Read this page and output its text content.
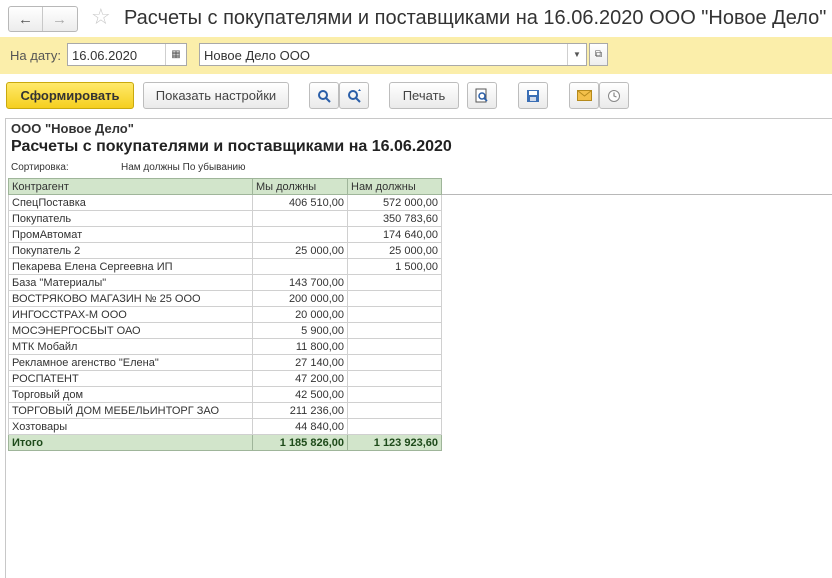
←	→	☆ Расчеты с покупателями и поставщиками на 16.06.2020 ООО "Новое Дело"
На дату: 16.06.2020	▦	Новое Дело ООО	▼	⧉
Сформировать	Показать настройки	Печать
ООО "Новое Дело"
Расчеты с покупателями и поставщиками на 16.06.2020
Сортировка:	Нам должны По убыванию
Контрагент	Мы должны	Нам должны
СпецПоставка	406 510,00	572 000,00
Покупатель		350 783,60
ПромАвтомат		174 640,00
Покупатель 2	25 000,00	25 000,00
Пекарева Елена Сергеевна ИП		1 500,00
База "Материалы"	143 700,00	
ВОСТРЯКОВО МАГАЗИН № 25 ООО	200 000,00	
ИНГОССТРАХ-М ООО	20 000,00	
МОСЭНЕРГОСБЫТ ОАО	5 900,00	
МТК Мобайл	11 800,00	
Рекламное агенство "Елена"	27 140,00	
РОСПАТЕНТ	47 200,00	
Торговый дом	42 500,00	
ТОРГОВЫЙ ДОМ МЕБЕЛЬИНТОРГ ЗАО	211 236,00	
Хозтовары	44 840,00	
Итого	1 185 826,00	1 123 923,60
